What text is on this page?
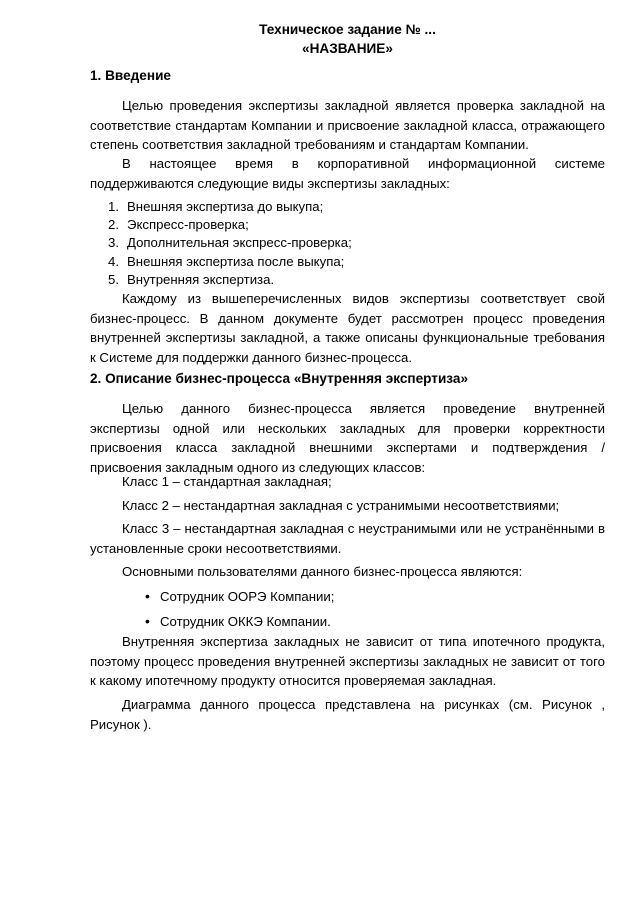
Техническое задание № ...
«НАЗВАНИЕ»
1. Введение
Целью проведения экспертизы закладной является проверка закладной на соответствие стандартам Компании и присвоение закладной класса, отражающего степень соответствия закладной требованиям и стандартам Компании.
В настоящее время в корпоративной информационной системе
поддерживаются следующие виды экспертизы закладных:
1. Внешняя экспертиза до выкупа;
2. Экспресс-проверка;
3. Дополнительная экспресс-проверка;
4. Внешняя экспертиза после выкупа;
5. Внутренняя экспертиза.
Каждому из вышеперечисленных видов экспертизы соответствует свой бизнес-процесс. В данном документе будет рассмотрен процесс проведения внутренней экспертизы закладной, а также описаны функциональные требования к Системе для поддержки данного бизнес-процесса.
2. Описание бизнес-процесса «Внутренняя экспертиза»
Целью данного бизнес-процесса является проведение внутренней экспертизы одной или нескольких закладных для проверки корректности присвоения класса закладной внешними экспертами и подтверждения / присвоения закладным одного из следующих классов:
Класс 1 – стандартная закладная;
Класс 2 – нестандартная закладная с устранимыми несоответствиями;
Класс 3 – нестандартная закладная с неустранимыми или не устранёнными в установленные сроки несоответствиями.
Основными пользователями данного бизнес-процесса являются:
• Сотрудник ООРЭ Компании;
• Сотрудник ОККЭ Компании.
Внутренняя экспертиза закладных не зависит от типа ипотечного продукта, поэтому процесс проведения внутренней экспертизы закладных не зависит от того к какому ипотечному продукту относится проверяемая закладная.
Диаграмма данного процесса представлена на рисунках (см. Рисунок , Рисунок ).
